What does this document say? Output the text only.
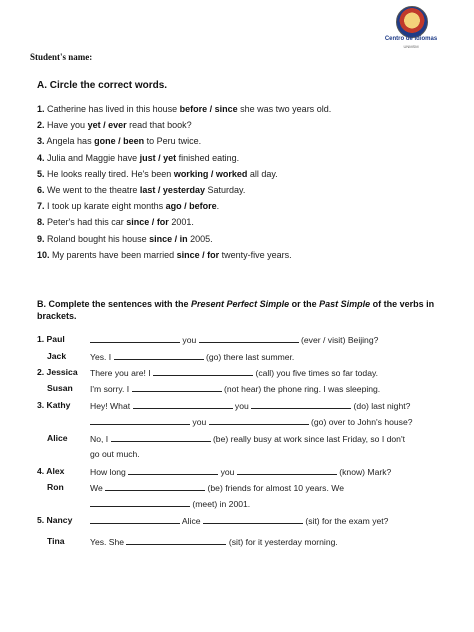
Centro de Idiomas
UNMSM
Student's name:
A. Circle the correct words.
1. Catherine has lived in this house before / since she was two years old.
2. Have you yet / ever read that book?
3. Angela has gone / been to Peru twice.
4. Julia and Maggie have just / yet finished eating.
5. He looks really tired. He's been working / worked all day.
6. We went to the theatre last / yesterday Saturday.
7. I took up karate eight months ago / before.
8. Peter's had this car since / for 2001.
9. Roland bought his house since / in 2005.
10. My parents have been married since / for twenty-five years.
B. Complete the sentences with the Present Perfect Simple or the Past Simple of the verbs in brackets.
1. Paul	you	(ever / visit) Beijing?
Jack	Yes. I	(go) there last summer.
2. Jessica There you are! I	(call) you five times so far today.
Susan I'm sorry. I	(not hear) the phone ring. I was sleeping.
3. Kathy Hey! What	you	(do) last night?
you	(go) over to John's house?
Alice	No, I	(be) really busy at work since last Friday, so I don't
go out much.
4. Alex	How long	you	(know) Mark?
Ron	We	(be) friends for almost 10 years. We
(meet) in 2001.
5. Nancy	Alice	(sit) for the exam yet?
Tina	Yes. She	(sit) for it yesterday morning.
